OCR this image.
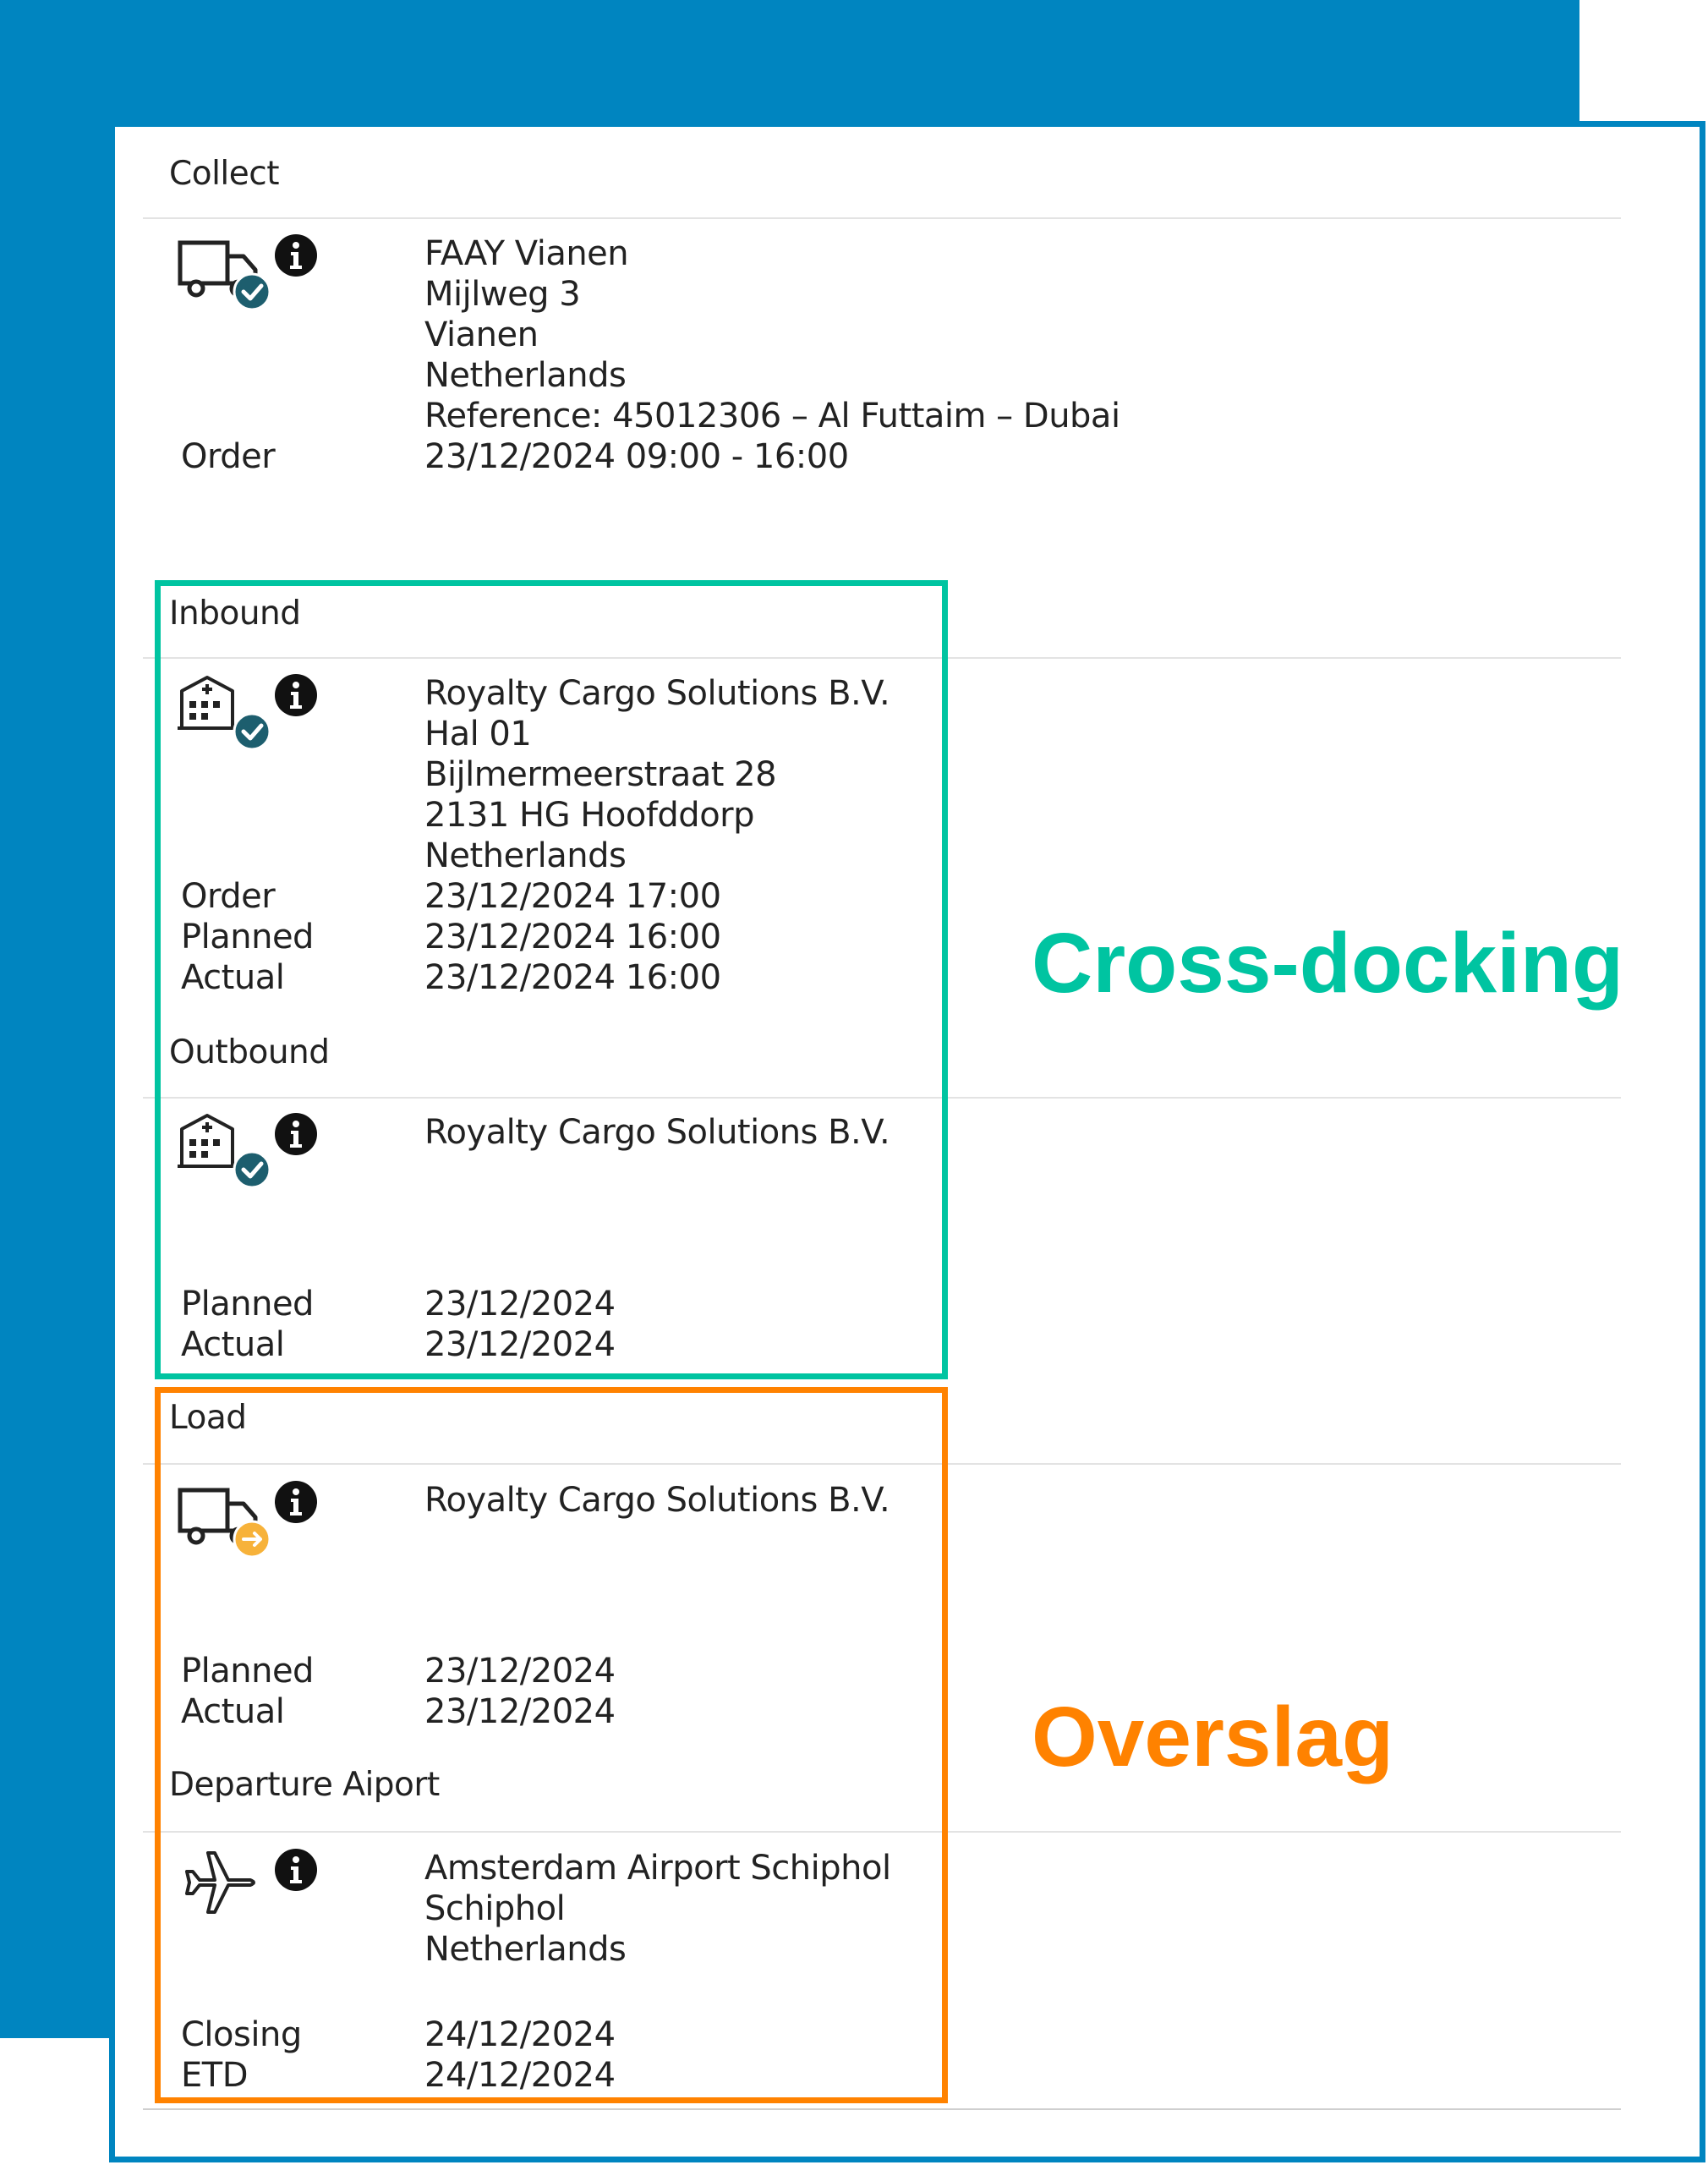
Collect
FAAY Vianen
Mijlweg 3
Vianen
Netherlands
Reference: 45012306 – Al Futtaim – Dubai
23/12/2024 09:00 - 16:00
Order
Inbound
Royalty Cargo Solutions B.V.
Hal 01
Bijlmermeerstraat 28
2131 HG Hoofddorp
Netherlands
23/12/2024 17:00
23/12/2024 16:00
23/12/2024 16:00
Order
Planned
Actual
Outbound
Royalty Cargo Solutions B.V.
23/12/2024
23/12/2024
Planned
Actual
Load
Royalty Cargo Solutions B.V.
23/12/2024
23/12/2024
Planned
Actual
Departure Aiport
Amsterdam Airport Schiphol
Schiphol
Netherlands
24/12/2024
24/12/2024
Closing
ETD
Cross-docking
Overslag
